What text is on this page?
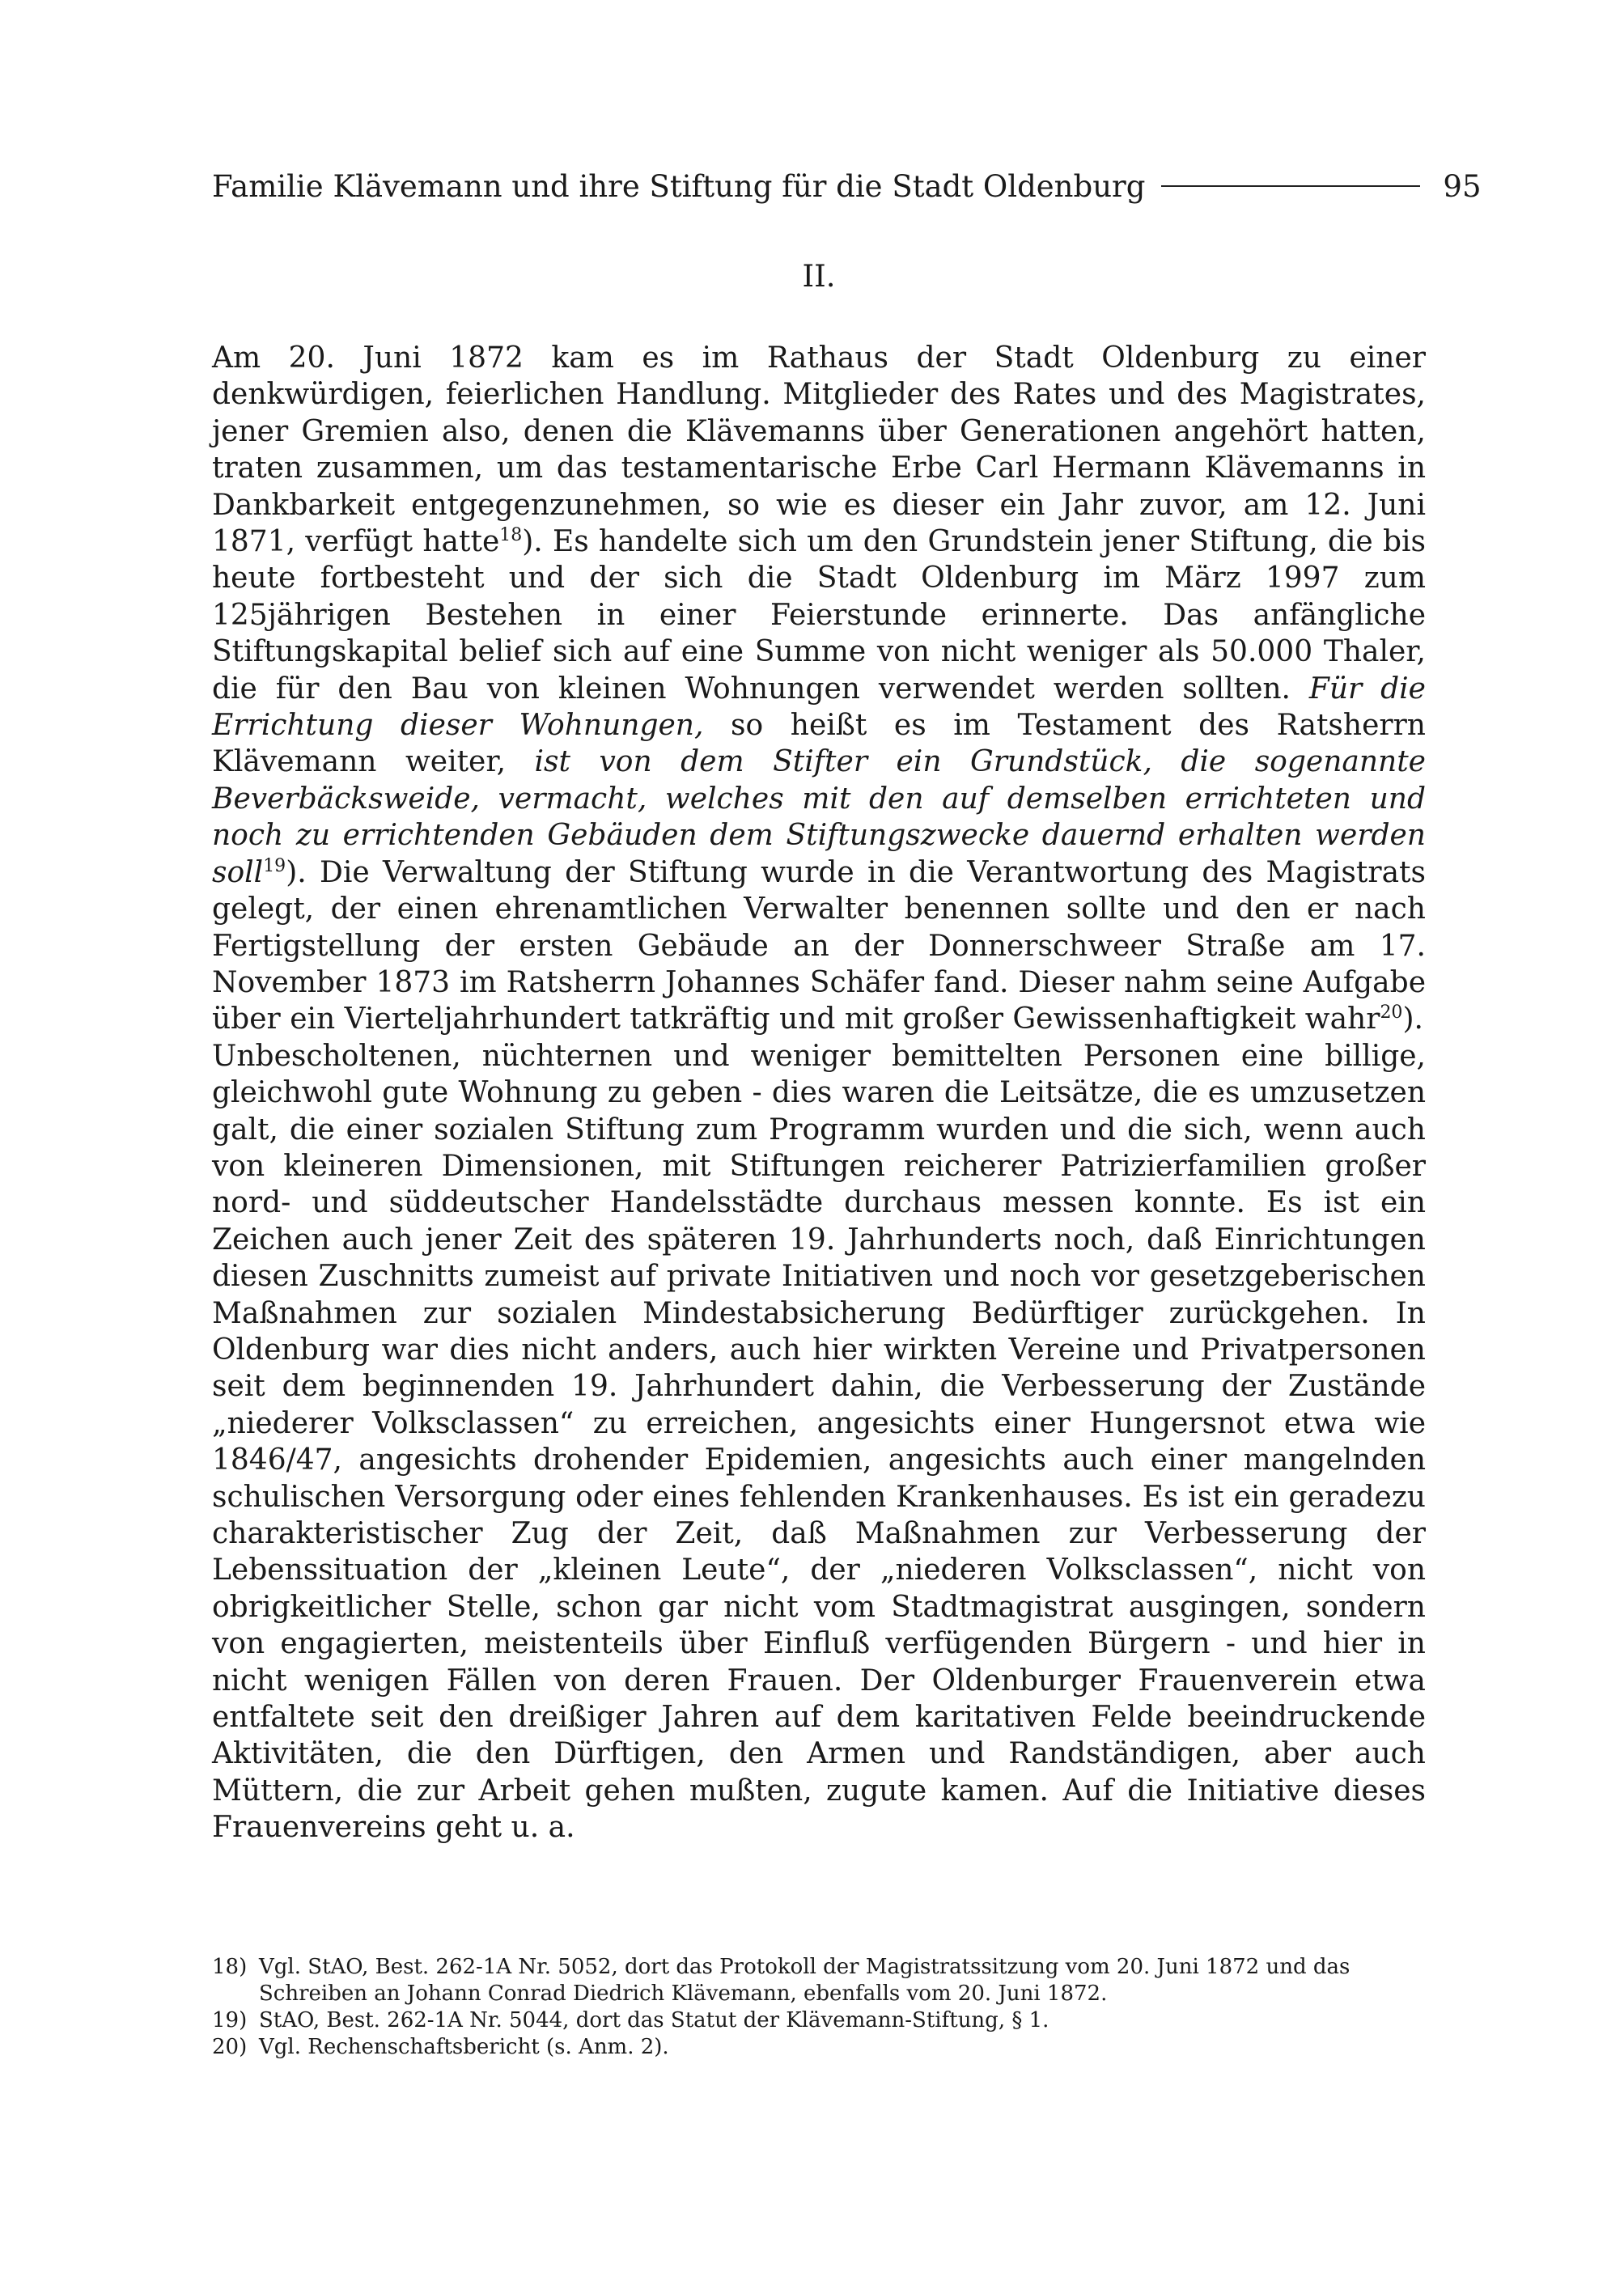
Familie Klävemann und ihre Stiftung für die Stadt Oldenburg	95
II.

Am 20. Juni 1872 kam es im Rathaus der Stadt Oldenburg zu einer denkwürdigen, feierlichen Handlung. Mitglieder des Rates und des Magistrates, jener Gremien also, denen die Klävemanns über Generationen angehört hatten, traten zusammen, um das testamentarische Erbe Carl Hermann Klävemanns in Dankbarkeit entgegenzunehmen, so wie es dieser ein Jahr zuvor, am 12. Juni 1871, verfügt hatte$^{18}$). Es handelte sich um den Grundstein jener Stiftung, die bis heute fortbesteht und der sich die Stadt Oldenburg im März 1997 zum 125jährigen Bestehen in einer Feierstunde erinnerte. Das anfängliche Stiftungskapital belief sich auf eine Summe von nicht weniger als 50.000 Thaler, die für den Bau von kleinen Wohnungen verwendet werden sollten. Für die Errichtung dieser Wohnungen, so heißt es im Testament des Ratsherrn Klävemann weiter, ist von dem Stifter ein Grundstück, die sogenannte Beverbäcksweide, vermacht, welches mit den auf demselben errichteten und noch zu errichtenden Gebäuden dem Stiftungszwecke dauernd erhalten werden soll$^{19}$). Die Verwaltung der Stiftung wurde in die Verantwortung des Magistrats gelegt, der einen ehrenamtlichen Verwalter benennen sollte und den er nach Fertigstellung der ersten Gebäude an der Donnerschweer Straße am 17. November 1873 im Ratsherrn Johannes Schäfer fand. Dieser nahm seine Aufgabe über ein Vierteljahrhundert tatkräftig und mit großer Gewissenhaftigkeit wahr$^{20}$).

Unbescholtenen, nüchternen und weniger bemittelten Personen eine billige, gleichwohl gute Wohnung zu geben - dies waren die Leitsätze, die es umzusetzen galt, die einer sozialen Stiftung zum Programm wurden und die sich, wenn auch von kleineren Dimensionen, mit Stiftungen reicherer Patrizierfamilien großer nord- und süddeutscher Handelsstädte durchaus messen konnte. Es ist ein Zeichen auch jener Zeit des späteren 19. Jahrhunderts noch, daß Einrichtungen diesen Zuschnitts zumeist auf private Initiativen und noch vor gesetzgeberischen Maßnahmen zur sozialen Mindestabsicherung Bedürftiger zurückgehen. In Oldenburg war dies nicht anders, auch hier wirkten Vereine und Privatpersonen seit dem beginnenden 19. Jahrhundert dahin, die Verbesserung der Zustände „niederer Volksclassen“ zu erreichen, angesichts einer Hungersnot etwa wie 1846/47, angesichts drohender Epidemien, angesichts auch einer mangelnden schulischen Versorgung oder eines fehlenden Krankenhauses. Es ist ein geradezu charakteristischer Zug der Zeit, daß Maßnahmen zur Verbesserung der Lebenssituation der „kleinen Leute“, der „niederen Volksclassen“, nicht von obrigkeitlicher Stelle, schon gar nicht vom Stadtmagistrat ausgingen, sondern von engagierten, meistenteils über Einfluß verfügenden Bürgern - und hier in nicht wenigen Fällen von deren Frauen. Der Oldenburger Frauenverein etwa entfaltete seit den dreißiger Jahren auf dem karitativen Felde beeindruckende Aktivitäten, die den Dürftigen, den Armen und Randständigen, aber auch Müttern, die zur Arbeit gehen mußten, zugute kamen. Auf die Initiative dieses Frauenvereins geht u. a.

18) Vgl. StAO, Best. 262-1A Nr. 5052, dort das Protokoll der Magistratssitzung vom 20. Juni 1872 und das Schreiben an Johann Conrad Diedrich Klävemann, ebenfalls vom 20. Juni 1872.
19) StAO, Best. 262-1A Nr. 5044, dort das Statut der Klävemann-Stiftung, § 1.
20) Vgl. Rechenschaftsbericht (s. Anm. 2).
